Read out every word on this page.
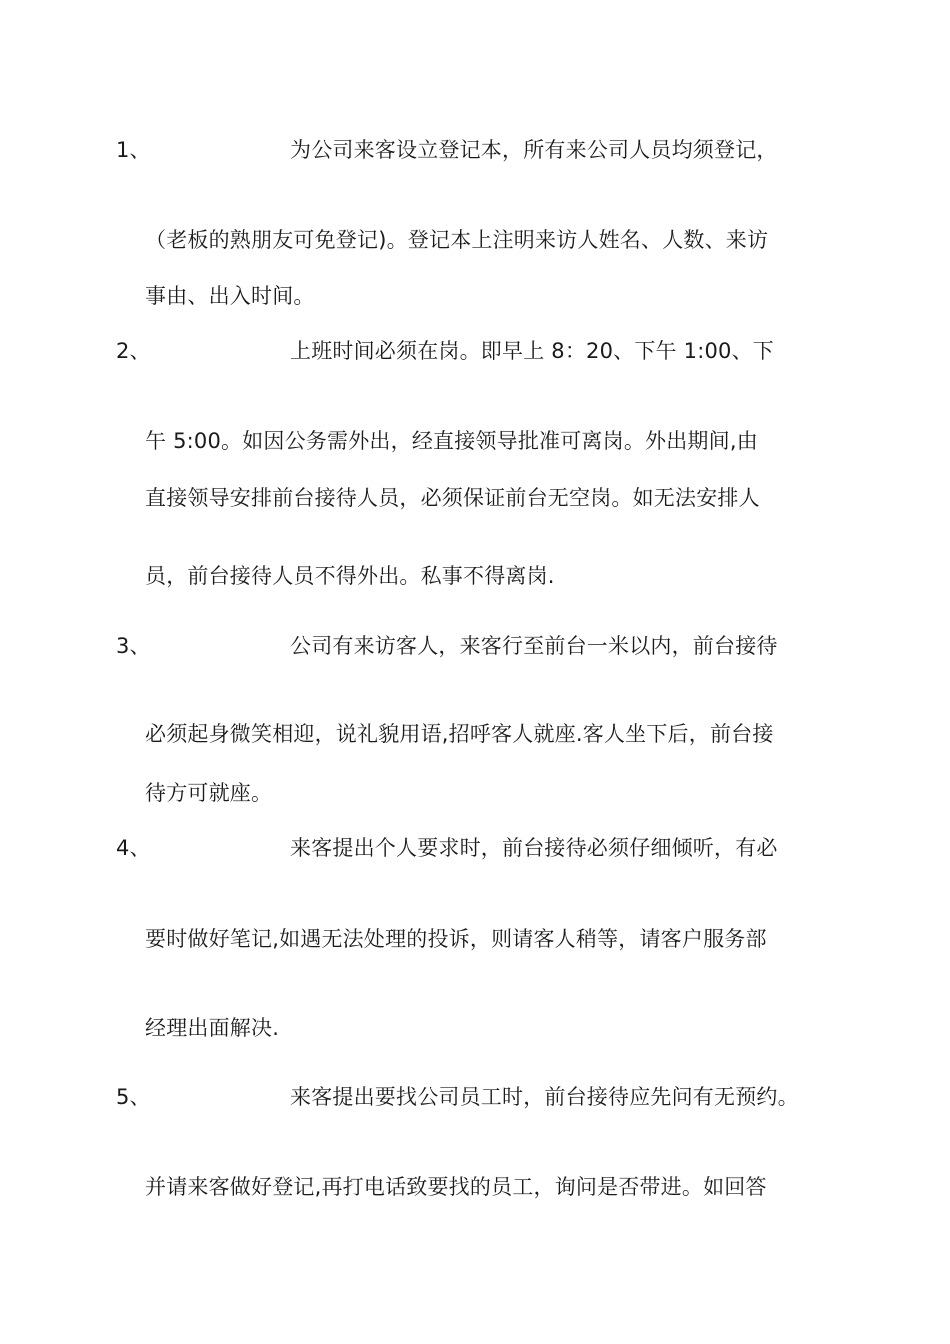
1、	为公司来客设立登记本，所有来公司人员均须登记，
（老板的熟朋友可免登记)。登记本上注明来访人姓名、人数、来访
事由、出入时间。
2、	上班时间必须在岗。即早上 8：20、下午 1:00、下
午 5:00。如因公务需外出，经直接领导批准可离岗。外出期间,由
直接领导安排前台接待人员，必须保证前台无空岗。如无法安排人
员，前台接待人员不得外出。私事不得离岗.
3、	公司有来访客人，来客行至前台一米以内，前台接待
必须起身微笑相迎，说礼貌用语,招呼客人就座.客人坐下后，前台接
待方可就座。
4、	来客提出个人要求时，前台接待必须仔细倾听，有必
要时做好笔记,如遇无法处理的投诉，则请客人稍等，请客户服务部
经理出面解决.
5、	来客提出要找公司员工时，前台接待应先问有无预约。
并请来客做好登记,再打电话致要找的员工，询问是否带进。如回答
